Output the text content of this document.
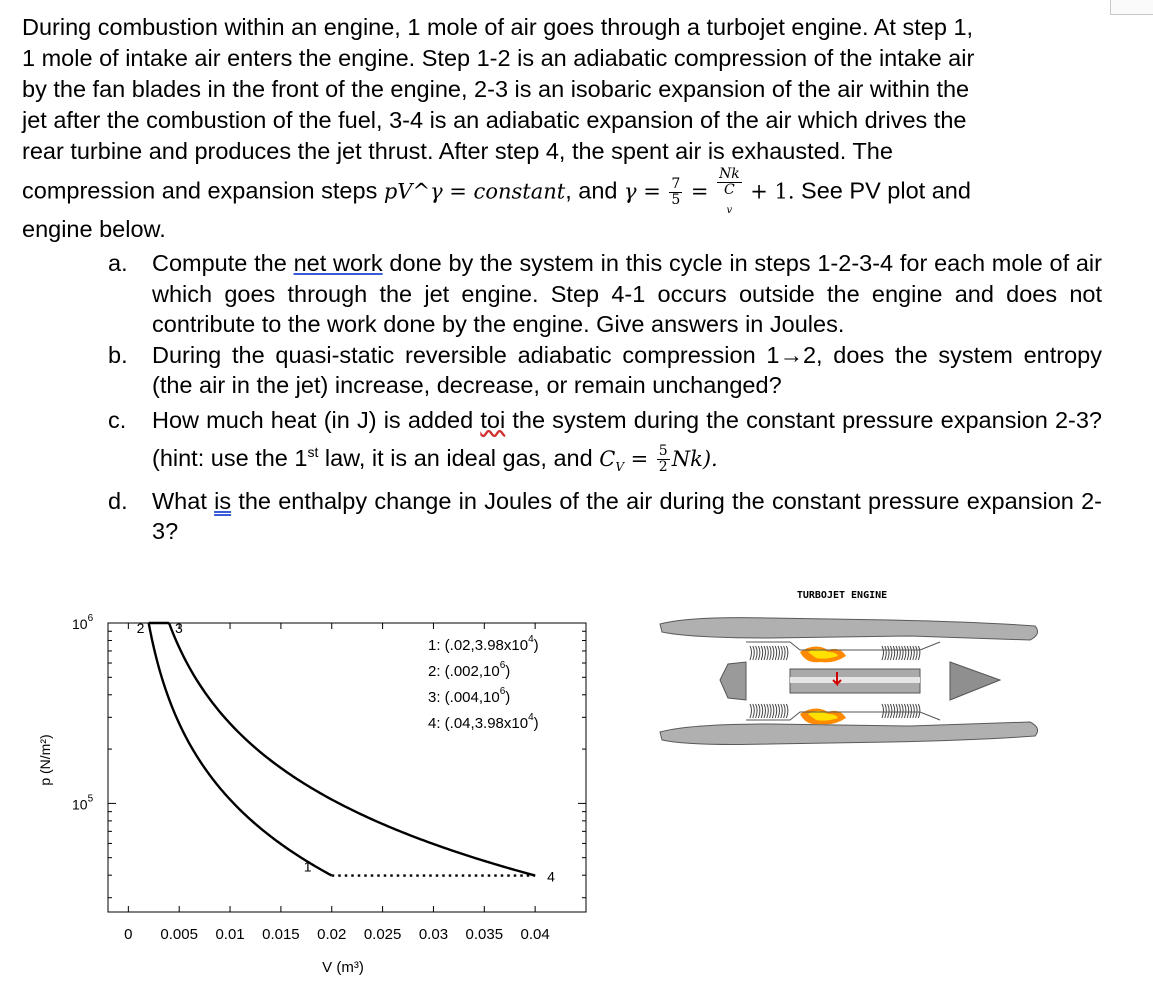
During combustion within an engine, 1 mole of air goes through a turbojet engine. At step 1,

1 mole of intake air enters the engine. Step 1-2 is an adiabatic compression of the intake air

by the fan blades in the front of the engine, 2-3 is an isobaric expansion of the air within the

jet after the combustion of the fuel, 3-4 is an adiabatic expansion of the air which drives the

rear turbine and produces the jet thrust. After step 4, the spent air is exhausted. The

compression and expansion steps pV^γ = constant, and $\gamma = \frac{7}{5} = Nk$
C
$_v$ + 1. See PV plot and

engine below.

a.	Compute the net work done by the system in this cycle in steps 1-2-3-4 for each mole of air which goes through the jet engine. Step 4-1 occurs outside the engine and does not contribute to the work done by the engine. Give answers in Joules.
b.	During the quasi-static reversible adiabatic compression 1→2, does the system entropy (the air in the jet) increase, decrease, or remain unchanged?
c.	How much heat (in J) is added toi the system during the constant pressure expansion 2-3? (hint: use the 1st law, it is an ideal gas, and $C_V = \frac{5}{2} Nk$).
d.	What is the enthalpy change in Joules of the air during the constant pressure expansion 2-3?
0 0.005 0.01 0.015 0.02 0.025 0.03 0.035 0.04
$10^6$
$10^5$
1
2 3
4
1: $(.02,3.98x10^4)$
2: (.002,10$^6$)
3: (.004,10$^6$)
4: $(.04,3.98x10^4)$
p (N/m²)
V (m³)
TURBOJET ENGINE
